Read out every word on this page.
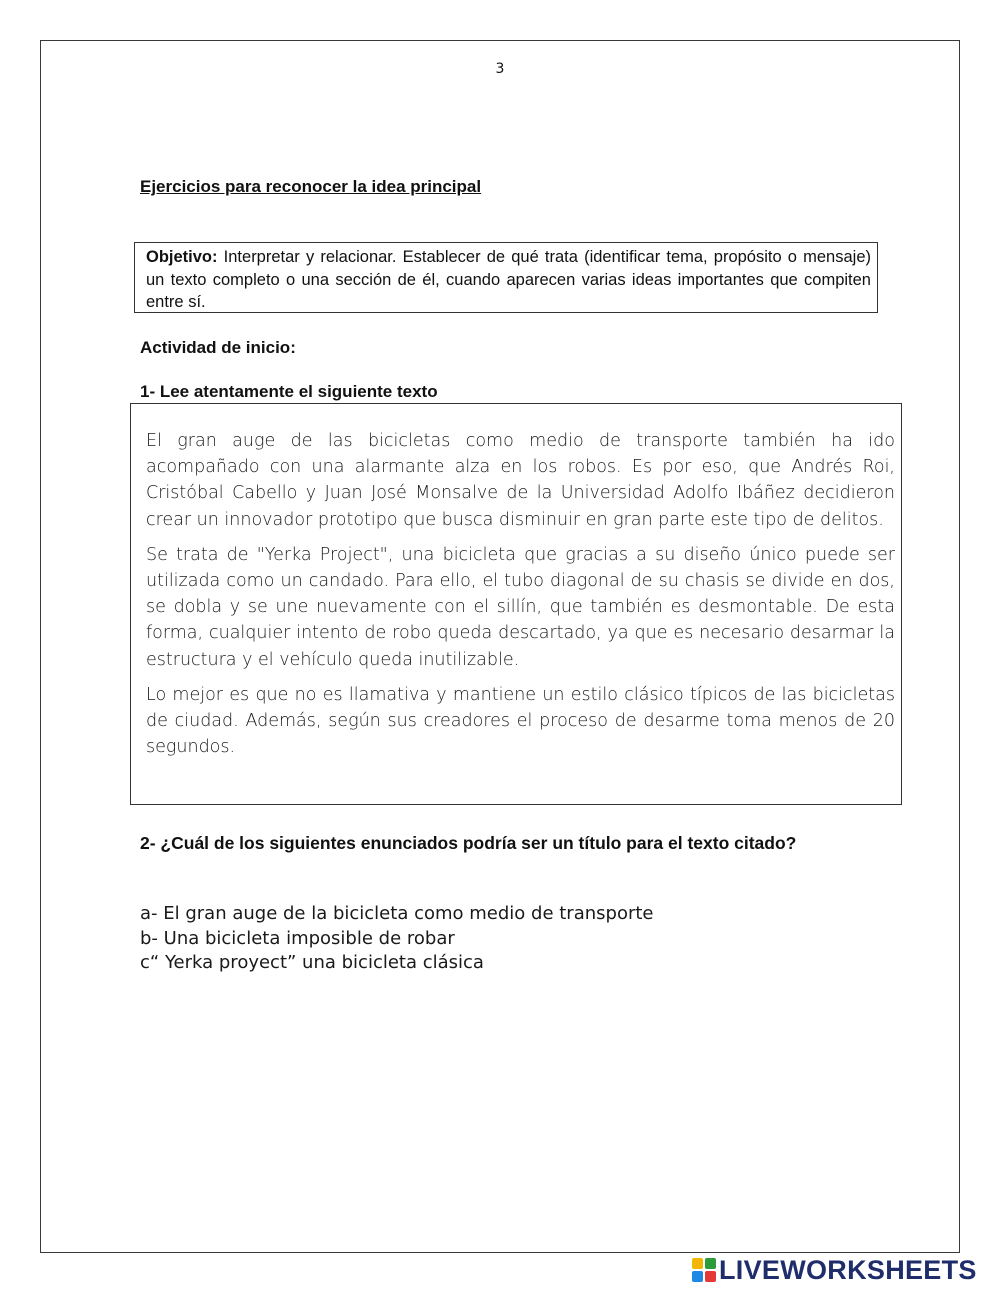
3
Ejercicios para reconocer la idea principal
Objetivo: Interpretar y relacionar. Establecer de qué trata (identificar tema, propósito o mensaje) un texto completo o una sección de él, cuando aparecen varias ideas importantes que compiten entre sí.
Actividad de inicio:
1- Lee atentamente el siguiente texto

El gran auge de las bicicletas como medio de transporte también ha ido acompañado con una alarmante alza en los robos. Es por eso, que Andrés Roi, Cristóbal Cabello y Juan José Monsalve de la Universidad Adolfo Ibáñez decidieron crear un innovador prototipo que busca disminuir en gran parte este tipo de delitos.

Se trata de "Yerka Project", una bicicleta que gracias a su diseño único puede ser utilizada como un candado. Para ello, el tubo diagonal de su chasis se divide en dos, se dobla y se une nuevamente con el sillín, que también es desmontable. De esta forma, cualquier intento de robo queda descartado, ya que es necesario desarmar la estructura y el vehículo queda inutilizable.

Lo mejor es que no es llamativa y mantiene un estilo clásico típicos de las bicicletas de ciudad. Además, según sus creadores el proceso de desarme toma menos de 20 segundos.

2- ¿Cuál de los siguientes enunciados podría ser un título para el texto citado?
a- El gran auge de la bicicleta como medio de transporte
b- Una bicicleta imposible de robar
c“ Yerka proyect” una bicicleta clásica
LIVEWORKSHEETS
